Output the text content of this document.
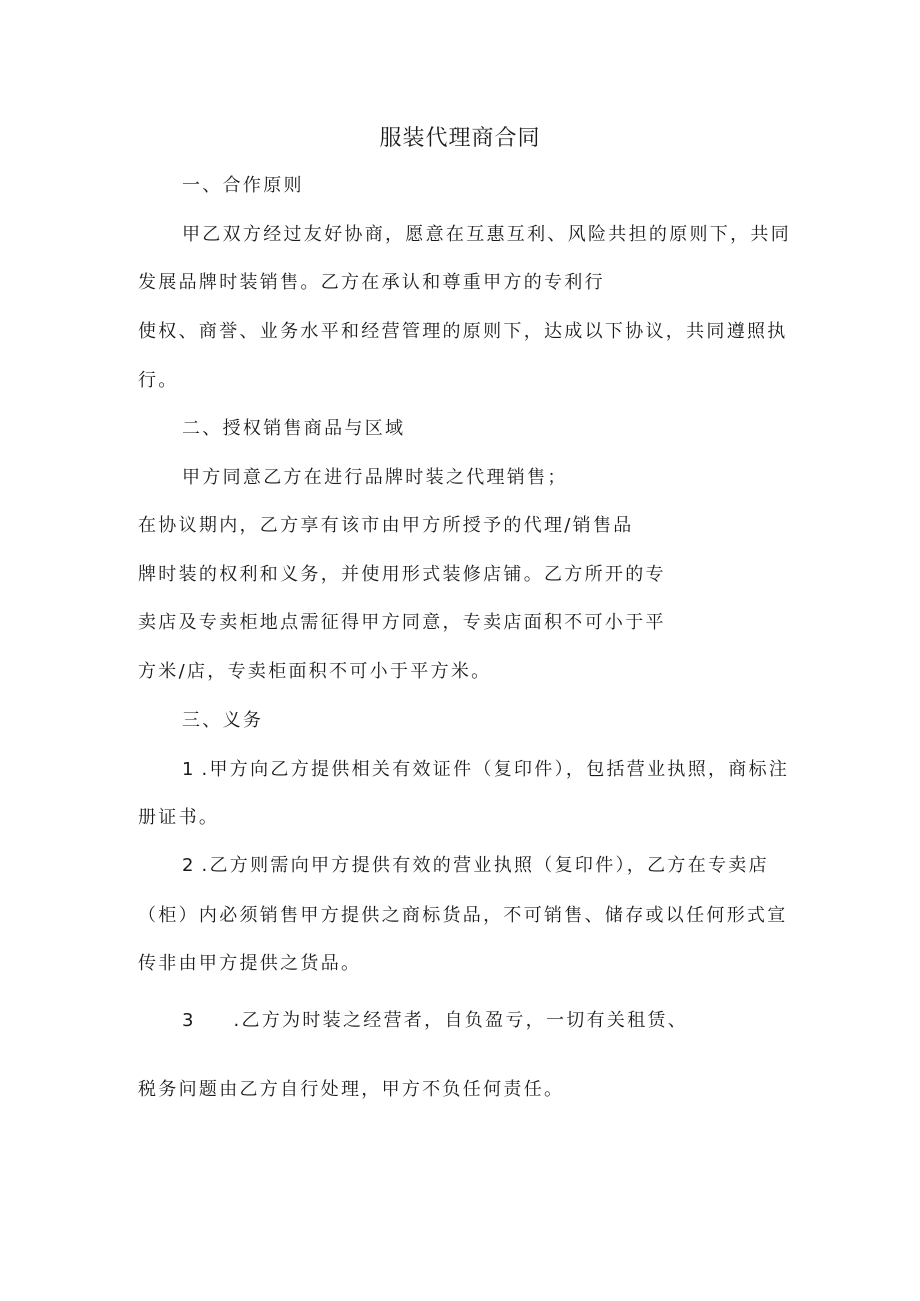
服装代理商合同

一、合作原则

甲乙双方经过友好协商，愿意在互惠互利、风险共担的原则下，共同

发展品牌时装销售。乙方在承认和尊重甲方的专利行

使权、商誉、业务水平和经营管理的原则下，达成以下协议，共同遵照执

行。

二、授权销售商品与区域

甲方同意乙方在进行品牌时装之代理销售；

在协议期内，乙方享有该市由甲方所授予的代理/销售品

牌时装的权利和义务，并使用形式装修店铺。乙方所开的专

卖店及专卖柜地点需征得甲方同意，专卖店面积不可小于平

方米/店，专卖柜面积不可小于平方米。

三、义务

1 .甲方向乙方提供相关有效证件（复印件），包括营业执照，商标注

册证书。

2 .乙方则需向甲方提供有效的营业执照（复印件），乙方在专卖店

（柜）内必须销售甲方提供之商标货品，不可销售、储存或以任何形式宣

传非由甲方提供之货品。

3 .乙方为时装之经营者，自负盈亏，一切有关租赁、

税务问题由乙方自行处理，甲方不负任何责任。
